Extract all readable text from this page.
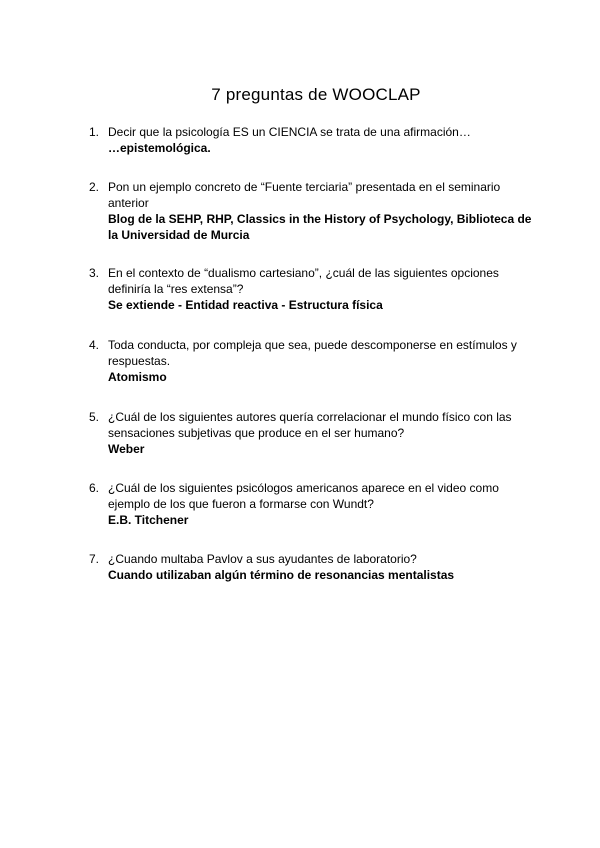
7 preguntas de WOOCLAP
1. Decir que la psicología ES un CIENCIA se trata de una afirmación…
…epistemológica.
2. Pon un ejemplo concreto de “Fuente terciaria” presentada en el seminario anterior
Blog de la SEHP, RHP, Classics in the History of Psychology, Biblioteca de la Universidad de Murcia
3. En el contexto de “dualismo cartesiano”, ¿cuál de las siguientes opciones definiría la “res extensa”?
Se extiende - Entidad reactiva - Estructura física
4. Toda conducta, por compleja que sea, puede descomponerse en estímulos y respuestas.
Atomismo
5. ¿Cuál de los siguientes autores quería correlacionar el mundo físico con las sensaciones subjetivas que produce en el ser humano?
Weber
6. ¿Cuál de los siguientes psicólogos americanos aparece en el video como ejemplo de los que fueron a formarse con Wundt?
E.B. Titchener
7. ¿Cuando multaba Pavlov a sus ayudantes de laboratorio?
Cuando utilizaban algún término de resonancias mentalistas
